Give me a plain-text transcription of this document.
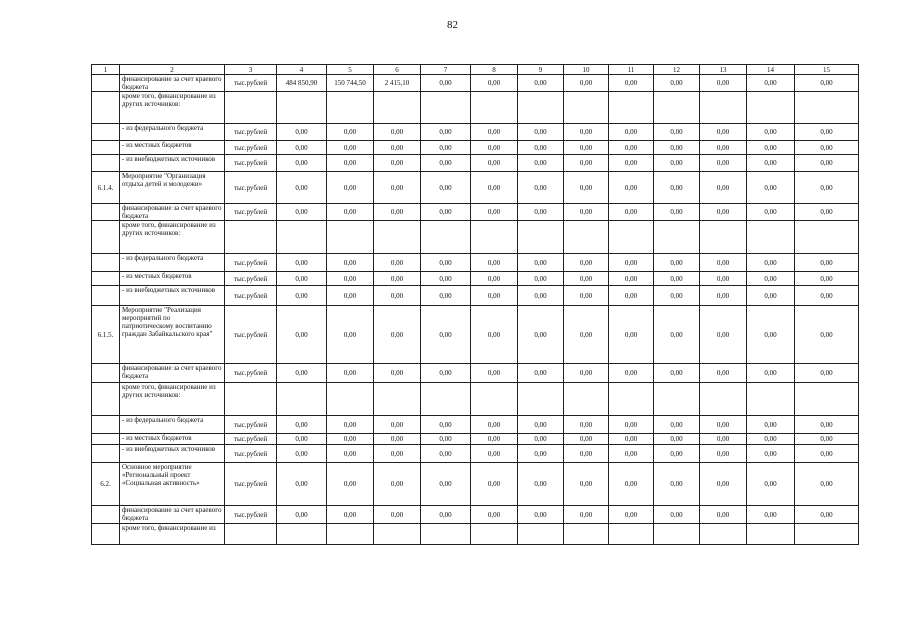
82
1	2	3	4	5	6	7	8	9	10	11	12	13	14	15
	финансирование за счет краевого бюджета	тыс.рублей	484 850,90	150 744,50	2 415,10	0,00	0,00	0,00	0,00	0,00	0,00	0,00	0,00	0,00
	кроме того, финансирование из других источников:													
	- из федерального бюджета	тыс.рублей	0,00	0,00	0,00	0,00	0,00	0,00	0,00	0,00	0,00	0,00	0,00	0,00
	- из местных бюджетов	тыс.рублей	0,00	0,00	0,00	0,00	0,00	0,00	0,00	0,00	0,00	0,00	0,00	0,00
	- из внебюджетных источников	тыс.рублей	0,00	0,00	0,00	0,00	0,00	0,00	0,00	0,00	0,00	0,00	0,00	0,00
6.1.4.	Мероприятие "Организация отдыха детей и молодежи»	тыс.рублей	0,00	0,00	0,00	0,00	0,00	0,00	0,00	0,00	0,00	0,00	0,00	0,00
	финансирование за счет краевого бюджета	тыс.рублей	0,00	0,00	0,00	0,00	0,00	0,00	0,00	0,00	0,00	0,00	0,00	0,00
	кроме того, финансирование из других источников:													
	- из федерального бюджета	тыс.рублей	0,00	0,00	0,00	0,00	0,00	0,00	0,00	0,00	0,00	0,00	0,00	0,00
	- из местных бюджетов	тыс.рублей	0,00	0,00	0,00	0,00	0,00	0,00	0,00	0,00	0,00	0,00	0,00	0,00
	- из внебюджетных источников	тыс.рублей	0,00	0,00	0,00	0,00	0,00	0,00	0,00	0,00	0,00	0,00	0,00	0,00
6.1.5.	Мероприятие "Реализация мероприятий по патриотическому воспитанию граждан Забайкальского края"	тыс.рублей	0,00	0,00	0,00	0,00	0,00	0,00	0,00	0,00	0,00	0,00	0,00	0,00
	финансирование за счет краевого бюджета	тыс.рублей	0,00	0,00	0,00	0,00	0,00	0,00	0,00	0,00	0,00	0,00	0,00	0,00
	кроме того, финансирование из других источников:													
	- из федерального бюджета	тыс.рублей	0,00	0,00	0,00	0,00	0,00	0,00	0,00	0,00	0,00	0,00	0,00	0,00
	- из местных бюджетов	тыс.рублей	0,00	0,00	0,00	0,00	0,00	0,00	0,00	0,00	0,00	0,00	0,00	0,00
	- из внебюджетных источников	тыс.рублей	0,00	0,00	0,00	0,00	0,00	0,00	0,00	0,00	0,00	0,00	0,00	0,00
6.2.	Основное мероприятие «Региональный проект «Социальная активность»	тыс.рублей	0,00	0,00	0,00	0,00	0,00	0,00	0,00	0,00	0,00	0,00	0,00	0,00
	финансирование за счет краевого бюджета	тыс.рублей	0,00	0,00	0,00	0,00	0,00	0,00	0,00	0,00	0,00	0,00	0,00	0,00
	кроме того, финансирование из													
